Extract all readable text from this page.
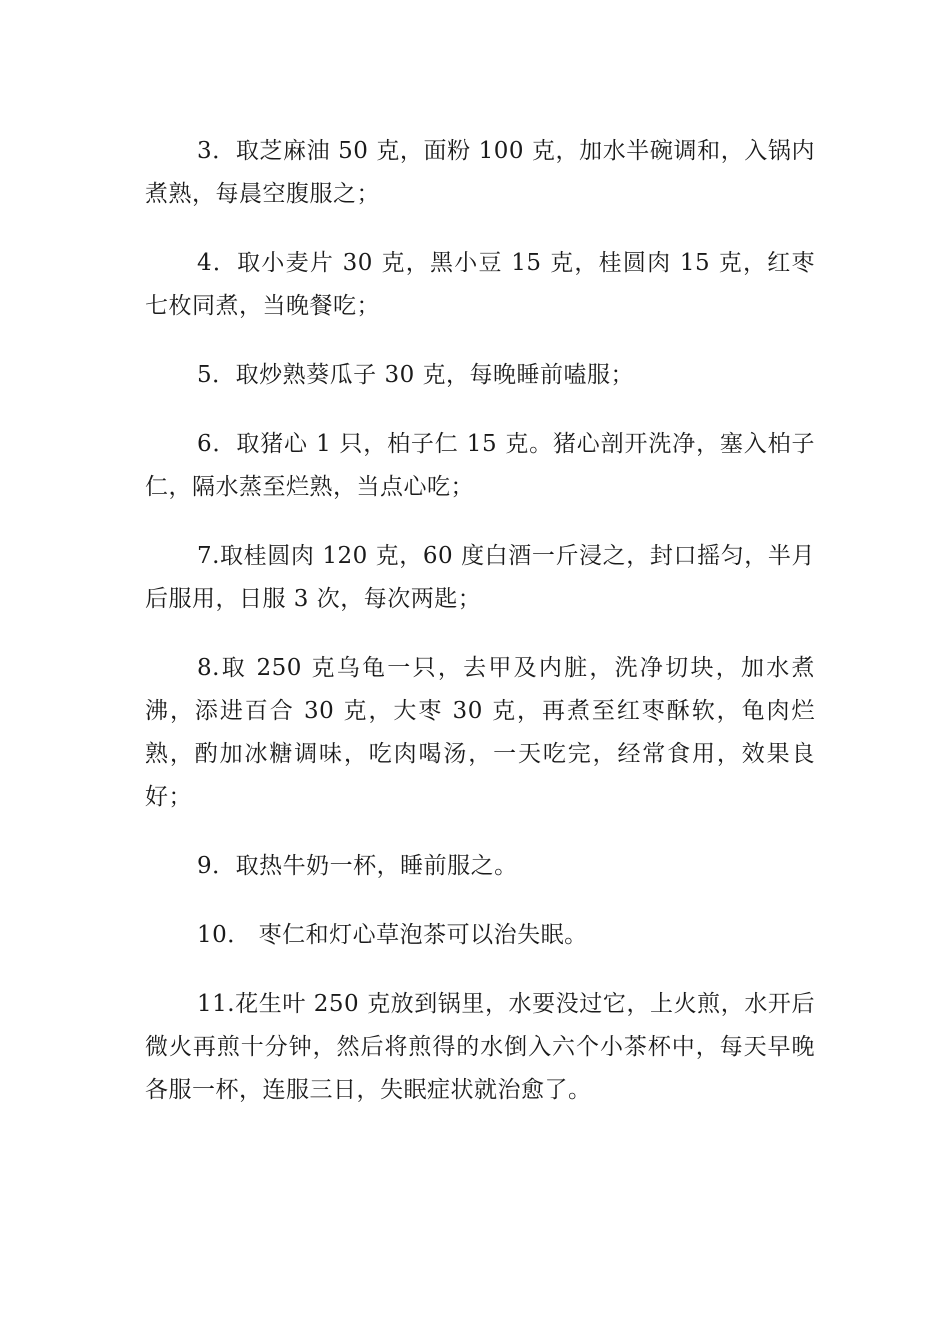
3．取芝麻油 50 克，面粉 100 克，加水半碗调和，入锅内煮熟，每晨空腹服之；

4．取小麦片 30 克，黑小豆 15 克，桂圆肉 15 克，红枣七枚同煮，当晚餐吃；

5．取炒熟葵瓜子 30 克，每晚睡前嗑服；

6．取猪心 1 只，柏子仁 15 克。猪心剖开洗净，塞入柏子仁，隔水蒸至烂熟，当点心吃；

7.取桂圆肉 120 克，60 度白酒一斤浸之，封口摇匀，半月后服用，日服 3 次，每次两匙；

8.取 250 克乌龟一只，去甲及内脏，洗净切块，加水煮沸，添进百合 30 克，大枣 30 克，再煮至红枣酥软，龟肉烂熟，酌加冰糖调味，吃肉喝汤，一天吃完，经常食用，效果良好；

9．取热牛奶一杯，睡前服之。

10． 枣仁和灯心草泡茶可以治失眠。

11.花生叶 250 克放到锅里，水要没过它，上火煎，水开后微火再煎十分钟，然后将煎得的水倒入六个小茶杯中，每天早晚各服一杯，连服三日，失眠症状就治愈了。
